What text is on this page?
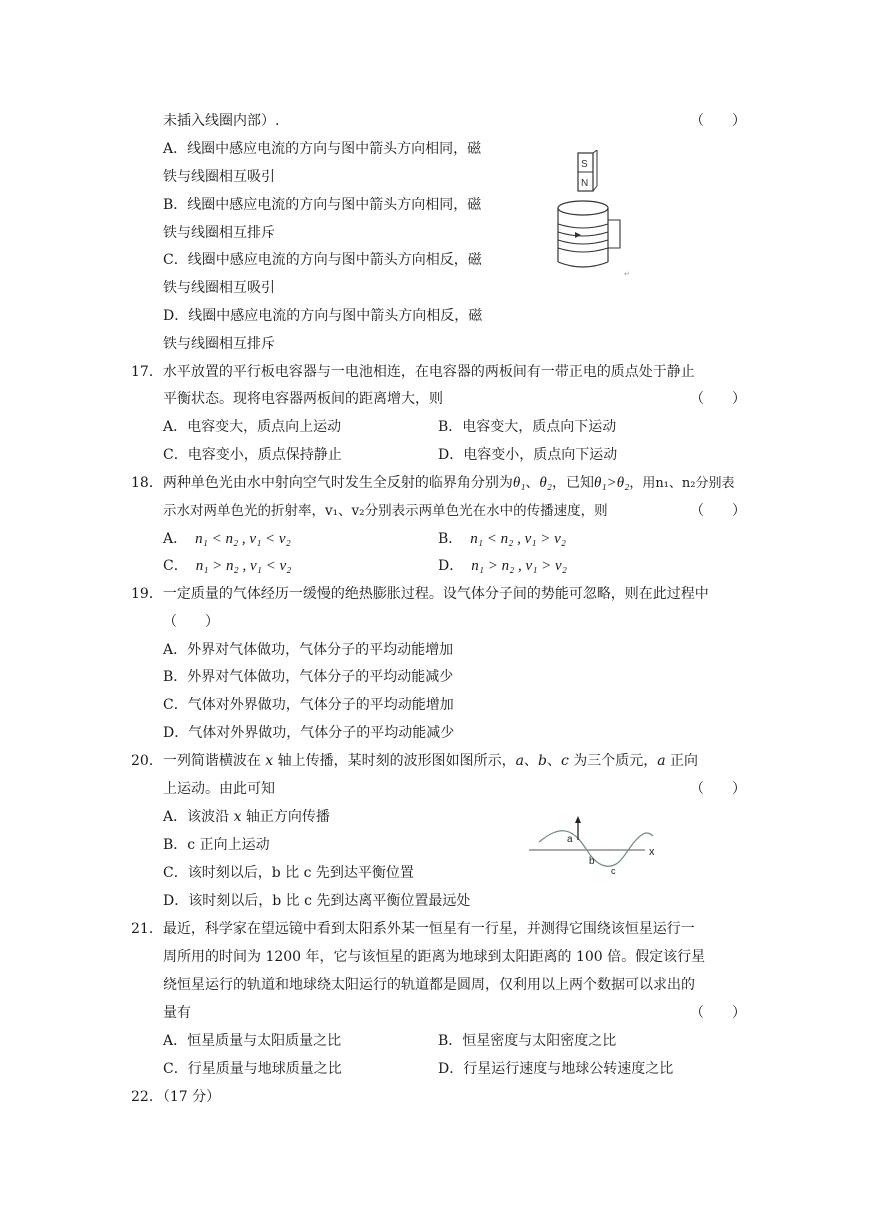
未插入线圈内部）.	（　　）
A．线圈中感应电流的方向与图中箭头方向相同，磁
铁与线圈相互吸引
B．线圈中感应电流的方向与图中箭头方向相同，磁
铁与线圈相互排斥
C．线圈中感应电流的方向与图中箭头方向相反，磁
铁与线圈相互吸引
D．线圈中感应电流的方向与图中箭头方向相反，磁
铁与线圈相互排斥
S
N
↵
17．水平放置的平行板电容器与一电池相连，在电容器的两板间有一带正电的质点处于静止
平衡状态。现将电容器两板间的距离增大，则	（　　）
A．电容变大，质点向上运动	B．电容变大，质点向下运动
C．电容变小，质点保持静止	D．电容变小，质点向下运动
18．两种单色光由水中射向空气时发生全反射的临界角分别为θ₁、θ₂，已知θ₁>θ₂，用n₁、n₂分别表
示水对两单色光的折射率，v₁、v₂分别表示两单色光在水中的传播速度，则	（　　）
A． n₁ < n₂ , v₁ < v₂	B． n₁ < n₂ , v₁ > v₂
C． n₁ > n₂ , v₁ < v₂	D． n₁ > n₂ , v₁ > v₂
19．一定质量的气体经历一缓慢的绝热膨胀过程。设气体分子间的势能可忽略，则在此过程中
（　　）
A．外界对气体做功，气体分子的平均动能增加
B．外界对气体做功，气体分子的平均动能减少
C．气体对外界做功，气体分子的平均动能增加
D．气体对外界做功，气体分子的平均动能减少
20．一列简谐横波在 x 轴上传播，某时刻的波形图如图所示，a、b、c 为三个质元，a 正向
上运动。由此可知	（　　）
A．该波沿 x 轴正方向传播
B．c 正向上运动
C．该时刻以后，b 比 c 先到达平衡位置
D．该时刻以后，b 比 c 先到达离平衡位置最远处
a
b
c
x
21．最近，科学家在望远镜中看到太阳系外某一恒星有一行星，并测得它围绕该恒星运行一
周所用的时间为 1200 年，它与该恒星的距离为地球到太阳距离的 100 倍。假定该行星
绕恒星运行的轨道和地球绕太阳运行的轨道都是圆周，仅利用以上两个数据可以求出的
量有	（　　）
A．恒星质量与太阳质量之比	B．恒星密度与太阳密度之比
C．行星质量与地球质量之比	D．行星运行速度与地球公转速度之比
22．（17 分）
